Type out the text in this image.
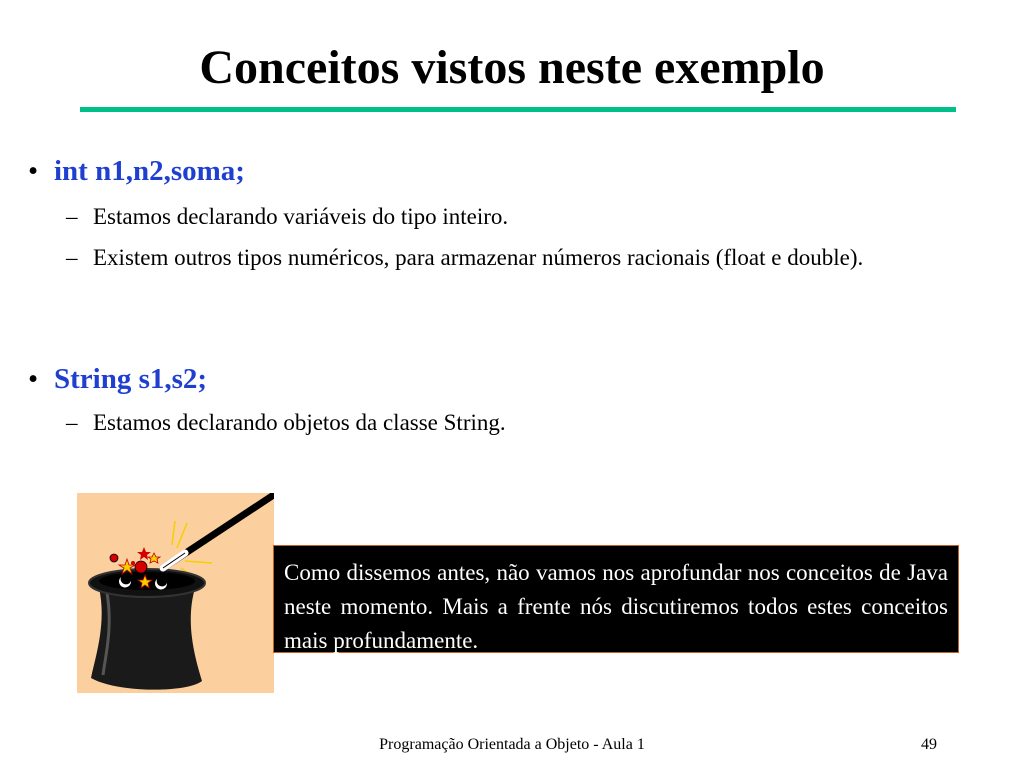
Conceitos vistos neste exemplo
• int n1,n2,soma;
– Estamos declarando variáveis do tipo inteiro.
– Existem outros tipos numéricos, para armazenar números racionais (float e double).
• String s1,s2;
– Estamos declarando objetos da classe String.
Como dissemos antes, não vamos nos aprofundar nos conceitos de Java neste momento. Mais a frente nós discutiremos todos estes conceitos mais profundamente.
Programação Orientada a Objeto - Aula 1	49
